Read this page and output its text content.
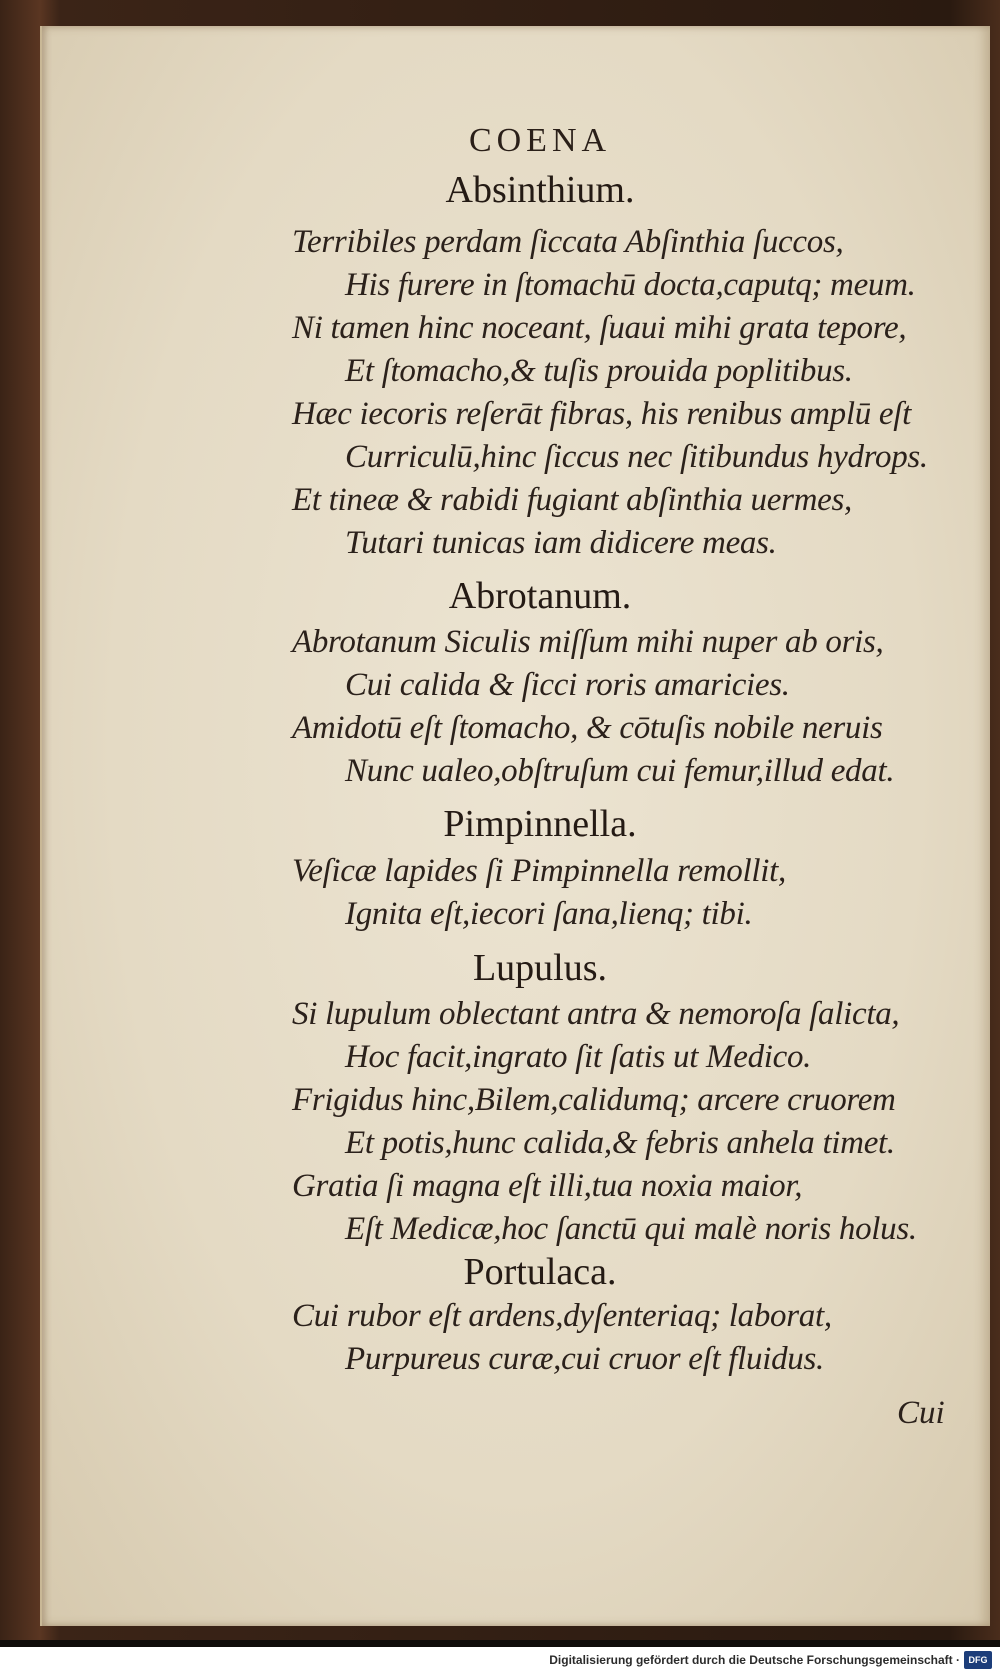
COENA
Absinthium.
Terribiles perdam ſiccata Abſinthia ſuccos,
His furere in ſtomachū docta,caputq; meum.
Ni tamen hinc noceant, ſuaui mihi grata tepore,
Et ſtomacho,& tuſis prouida poplitibus.
Hæc iecoris reſerāt fibras, his renibus amplū eſt
Curriculū,hinc ſiccus nec ſitibundus hydrops.
Et tineæ & rabidi fugiant abſinthia uermes,
Tutari tunicas iam didicere meas.
Abrotanum.
Abrotanum Siculis miſſum mihi nuper ab oris,
Cui calida & ſicci roris amaricies.
Amidotū eſt ſtomacho, & cōtuſis nobile neruis
Nunc ualeo,obſtruſum cui femur,illud edat.
Pimpinnella.
Veſicæ lapides ſi Pimpinnella remollit,
Ignita eſt,iecori ſana,lienq; tibi.
Lupulus.
Si lupulum oblectant antra & nemoroſa ſalicta,
Hoc facit,ingrato ſit ſatis ut Medico.
Frigidus hinc,Bilem,calidumq; arcere cruorem
Et potis,hunc calida,& febris anhela timet.
Gratia ſi magna eſt illi,tua noxia maior,
Eſt Medicæ,hoc ſanctū qui malè noris holus.
Portulaca.
Cui rubor eſt ardens,dyſenteriaq; laborat,
Purpureus curæ,cui cruor eſt fluidus.
Cui
Digitalisierung gefördert durch die Deutsche Forschungsgemeinschaft · DFG
